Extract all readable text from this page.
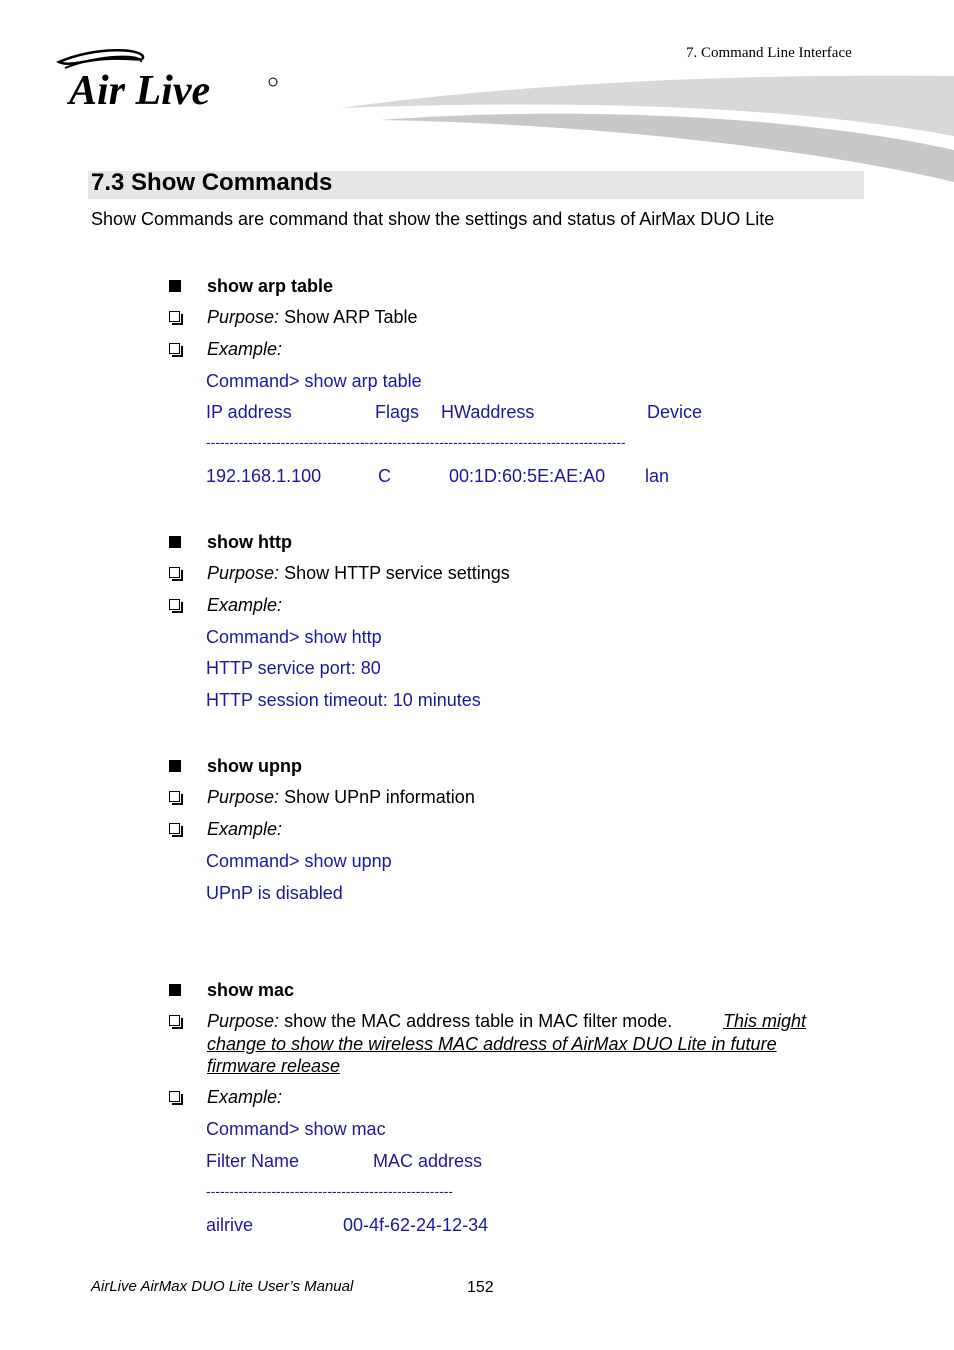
7. Command Line Interface
Air Live
7.3 Show Commands
Show Commands are command that show the settings and status of AirMax DUO Lite
show arp table
Purpose: Show ARP Table
Example:
Command> show arp table
IP address	Flags HWaddress	Device
------------------------------------------------------------------------------------------
192.168.1.100	C	00:1D:60:5E:AE:A0 lan
show http
Purpose: Show HTTP service settings
Example:
Command> show http
HTTP service port: 80
HTTP session timeout: 10 minutes
show upnp
Purpose: Show UPnP information
Example:
Command> show upnp
UPnP is disabled
show mac
Purpose: show the MAC address table in MAC filter mode.	This might
change to show the wireless MAC address of AirMax DUO Lite in future
firmware release
Example:
Command> show mac
Filter Name	MAC address
-----------------------------------------------------
ailrive	00-4f-62-24-12-34
AirLive AirMax DUO Lite User’s Manual	152
